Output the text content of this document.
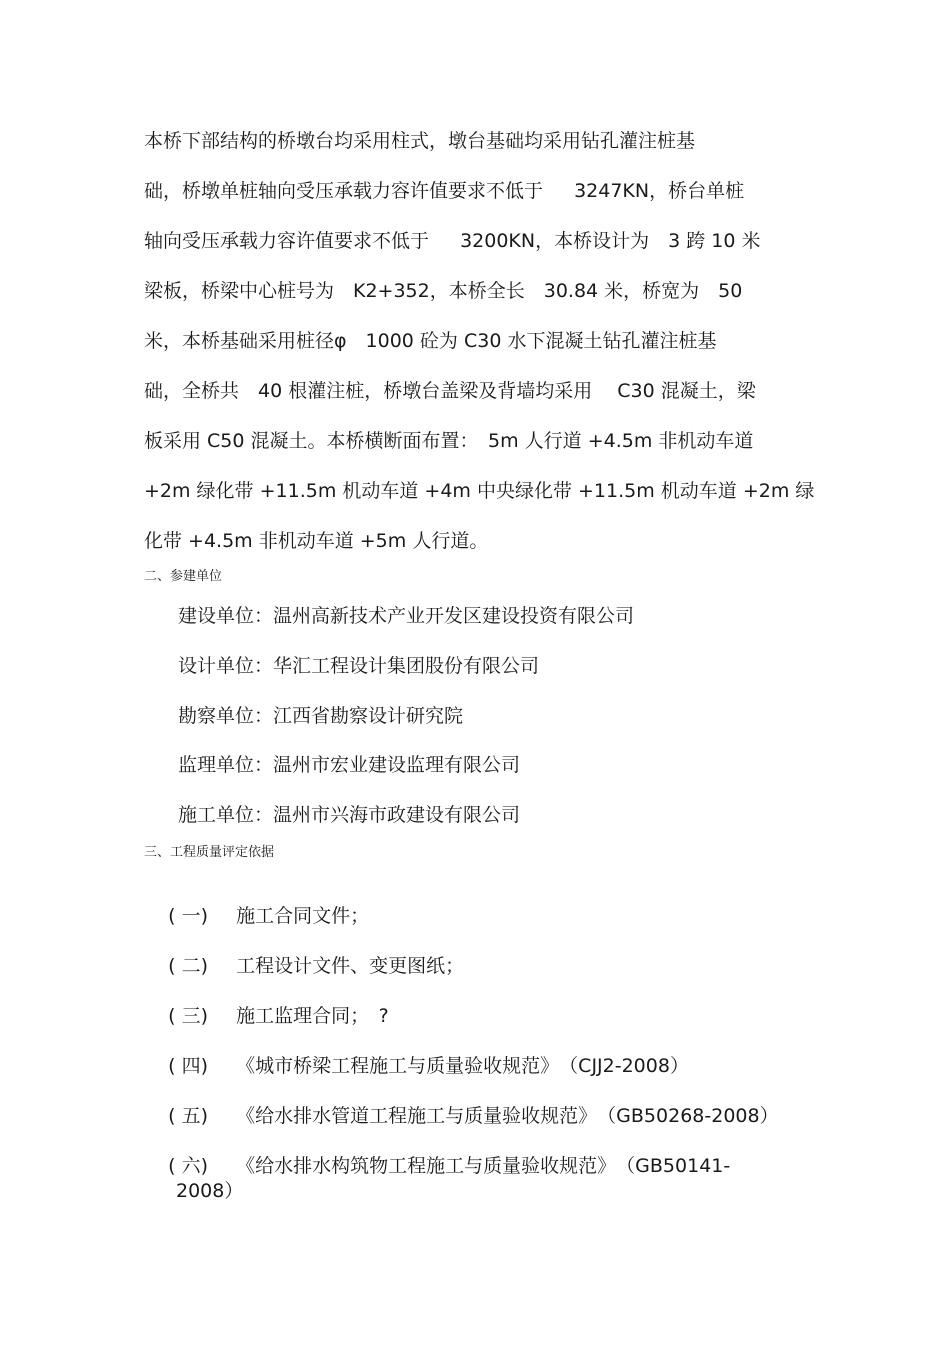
本桥下部结构的桥墩台均采用柱式，墩台基础均采用钻孔灌注桩基
础，桥墩单桩轴向受压承载力容许值要求不低于　  3247KN，桥台单桩
轴向受压承载力容许值要求不低于　  3200KN，本桥设计为　3 跨 10 米
梁板，桥梁中心桩号为　K2+352，本桥全长　30.84 米，桥宽为　50
米，本桥基础采用桩径φ　1000 砼为 C30 水下混凝土钻孔灌注桩基
础，全桥共　40 根灌注桩，桥墩台盖梁及背墙均采用　 C30 混凝土，梁
板采用 C50 混凝土。本桥横断面布置：　5m 人行道 +4.5m 非机动车道
+2m 绿化带 +11.5m 机动车道 +4m 中央绿化带 +11.5m 机动车道 +2m 绿
化带 +4.5m 非机动车道 +5m 人行道。
二、参建单位
建设单位：温州高新技术产业开发区建设投资有限公司
设计单位：华汇工程设计集团股份有限公司
勘察单位：江西省勘察设计研究院
监理单位：温州市宏业建设监理有限公司
施工单位：温州市兴海市政建设有限公司
三、工程质量评定依据

( 一) 施工合同文件；

( 二) 工程设计文件、变更图纸；

( 三) 施工监理合同；　?

( 四) 《城市桥梁工程施工与质量验收规范》　（CJJ2-2008）

( 五) 《给水排水管道工程施工与质量验收规范》　（GB50268-2008）

( 六) 《给水排水构筑物工程施工与质量验收规范》　（GB50141-

2008）
